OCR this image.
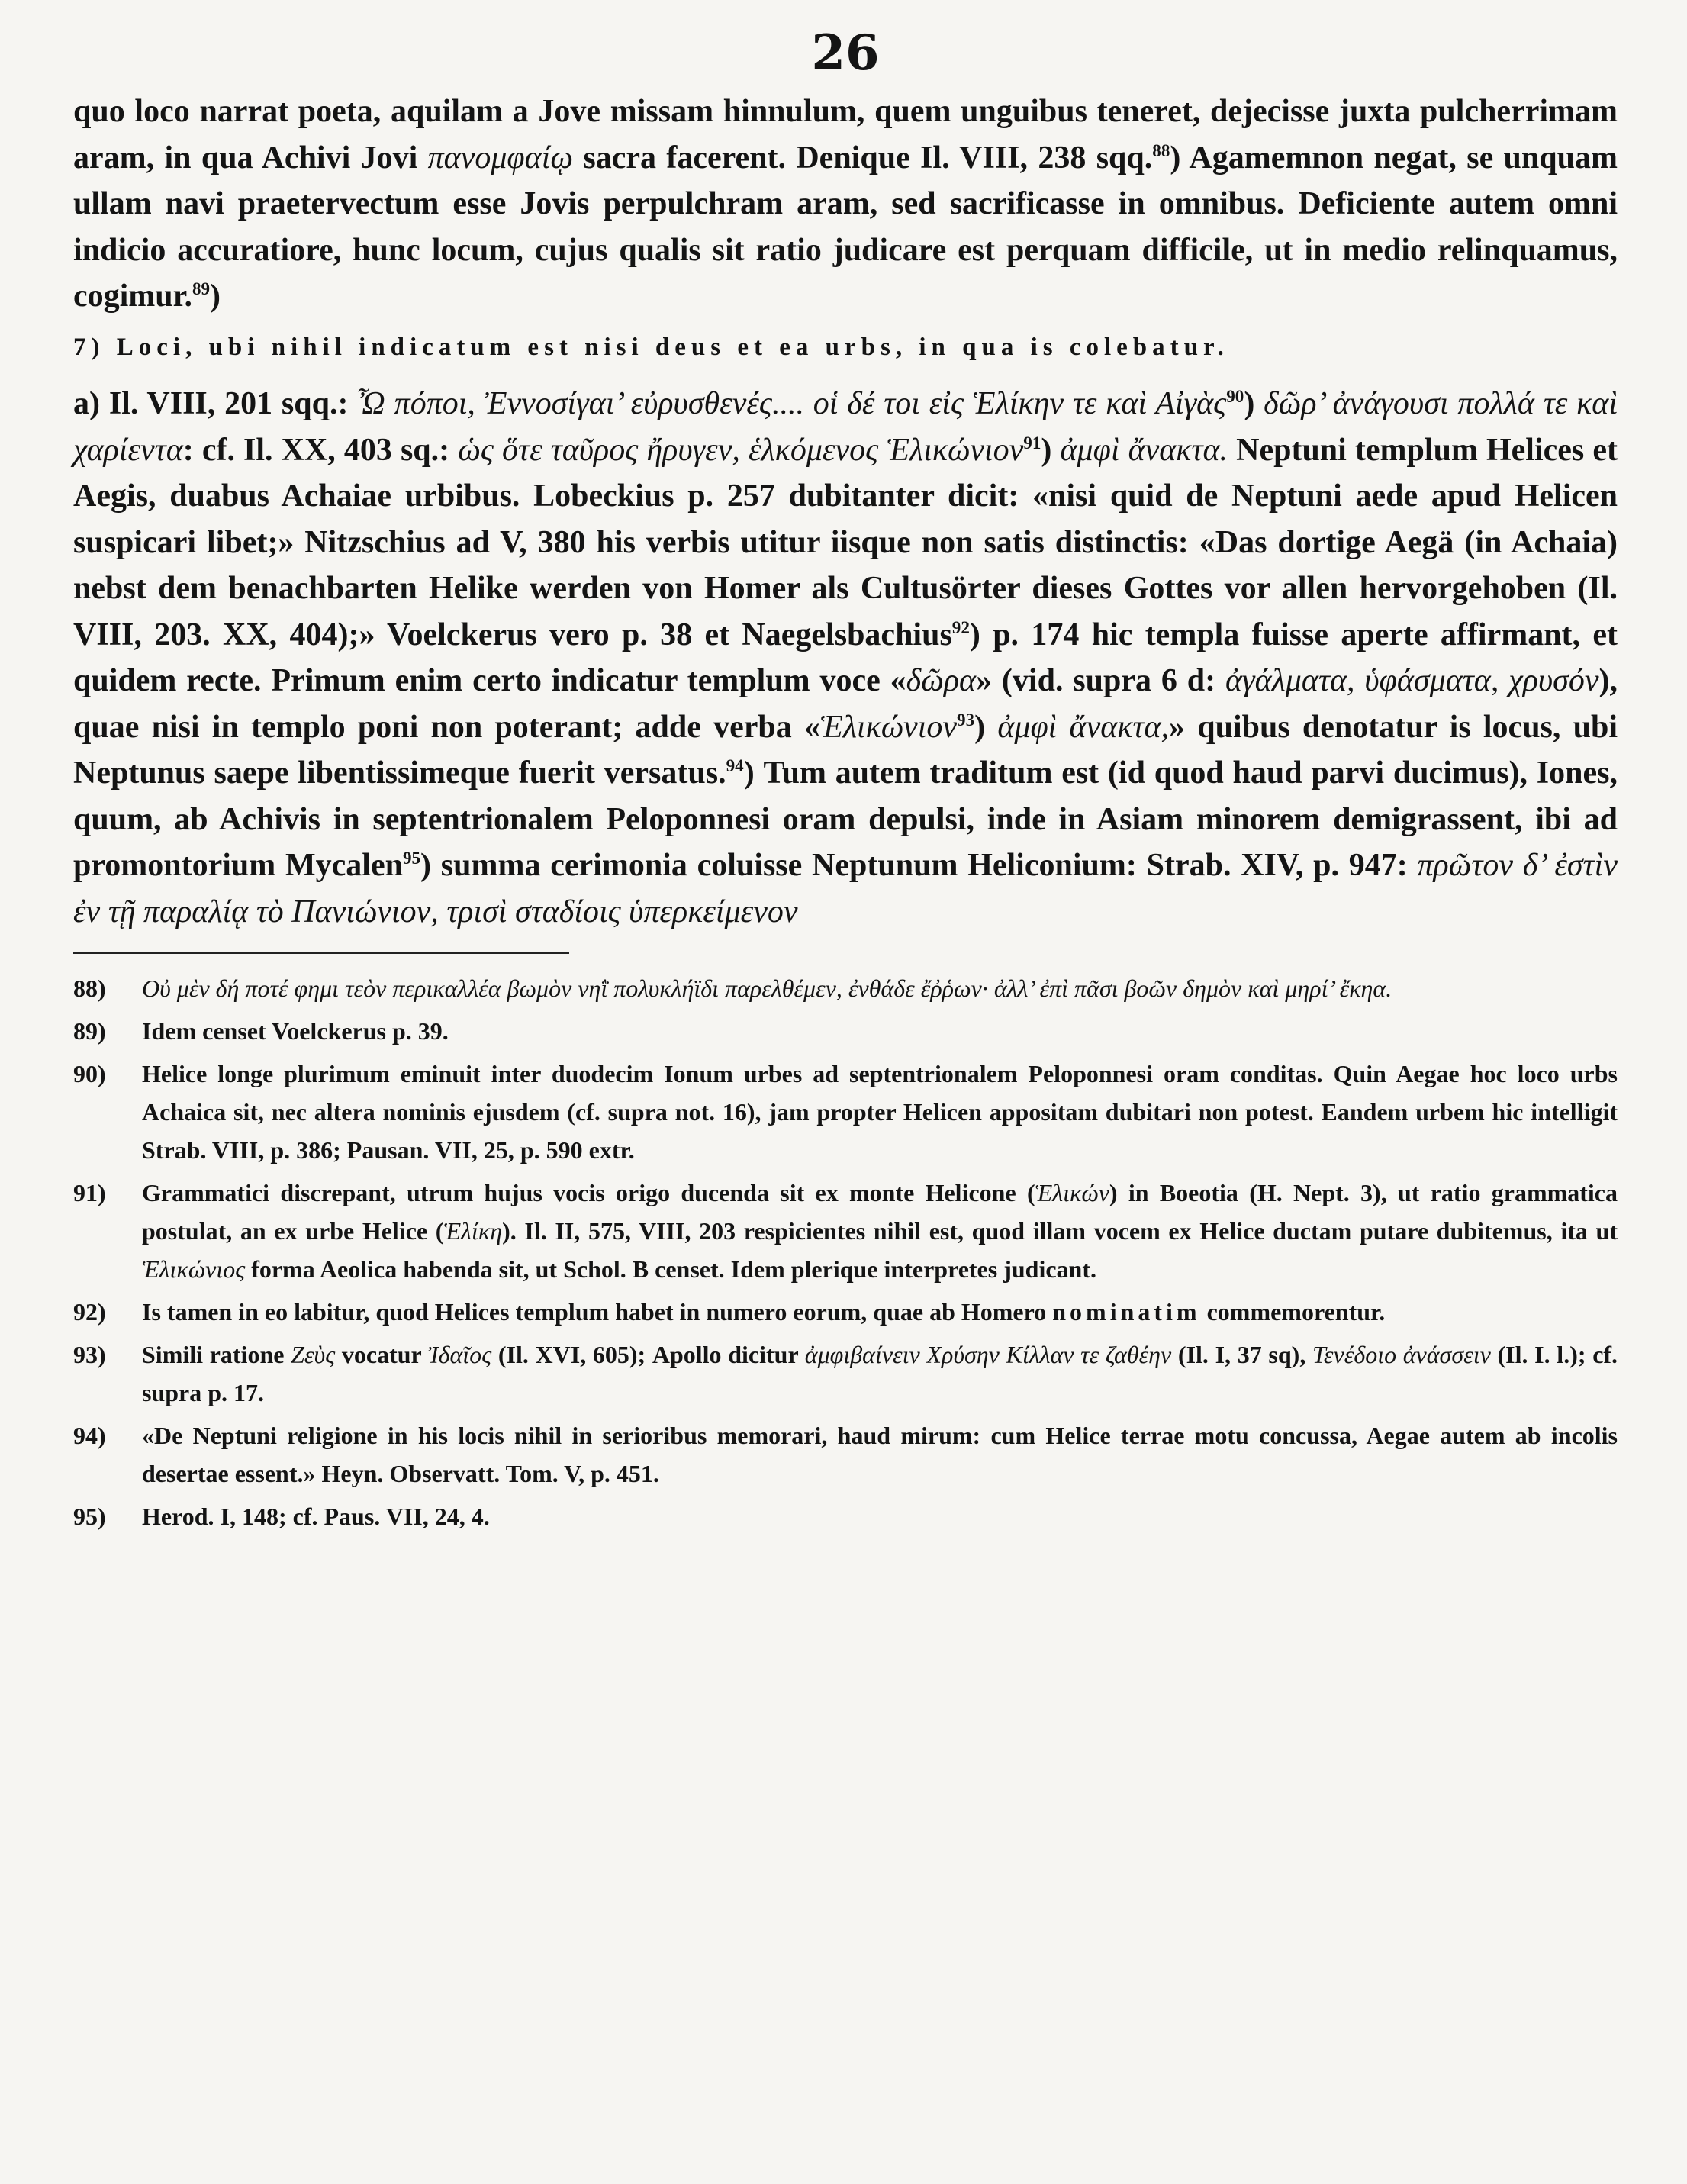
26

quo loco narrat poeta, aquilam a Jove missam hinnulum, quem unguibus teneret, dejecisse juxta pulcherrimam aram, in qua Achivi Jovi πανομφαίῳ sacra facerent. Denique Il. VIII, 238 sqq.$^{88}$) Agamemnon negat, se unquam ullam navi praetervectum esse Jovis perpulchram aram, sed sacrificasse in omnibus. Deficiente autem omni indicio accuratiore, hunc locum, cujus qualis sit ratio judicare est perquam difficile, ut in medio relinquamus, cogimur.$^{89}$)

7) Loci, ubi nihil indicatum est nisi deus et ea urbs, in qua is colebatur.

a) Il. VIII, 201 sqq.: Ὦ πόποι, Ἐννοσίγαι’ εὐρυσθενές.... οἱ δέ τοι εἰς Ἑλίκην τε καὶ Αἰγὰς$^{90}$) δῶρ’ ἀνάγουσι πολλά τε καὶ χαρίεντα: cf. Il. XX, 403 sq.: ὡς ὅτε ταῦρος ἤρυγεν, ἑλκόμενος Ἑλικώνιον$^{91}$) ἀμφὶ ἄνακτα. Neptuni templum Helices et Aegis, duabus Achaiae urbibus. Lobeckius p. 257 dubitanter dicit: «nisi quid de Neptuni aede apud Helicen suspicari libet;» Nitzschius ad V, 380 his verbis utitur iisque non satis distinctis: «Das dortige Aegä (in Achaia) nebst dem benachbarten Helike werden von Homer als Cultusörter dieses Gottes vor allen hervorgehoben (Il. VIII, 203. XX, 404);» Voelckerus vero p. 38 et Naegelsbachius$^{92}$) p. 174 hic templa fuisse aperte affirmant, et quidem recte. Primum enim certo indicatur templum voce «δῶρα» (vid. supra 6 d: ἀγάλματα, ὑφάσματα, χρυσόν), quae nisi in templo poni non poterant; adde verba «Ἑλικώνιον$^{93}$) ἀμφὶ ἄνακτα,» quibus denotatur is locus, ubi Neptunus saepe libentissimeque fuerit versatus.$^{94}$) Tum autem traditum est (id quod haud parvi ducimus), Iones, quum, ab Achivis in septentrionalem Peloponnesi oram depulsi, inde in Asiam minorem demigrassent, ibi ad promontorium Mycalen$^{95}$) summa cerimonia coluisse Neptunum Heliconium: Strab. XIV, p. 947: πρῶτον δ’ ἐστὶν ἐν τῇ παραλίᾳ τὸ Πανιώνιον, τρισὶ σταδίοις ὑπερκείμενον

88)	Οὐ μὲν δή ποτέ φημι τεὸν περικαλλέα βωμὸν νηῒ πολυκλήϊδι παρελθέμεν, ἐνθάδε ἔῤῥων· ἀλλ’ ἐπὶ πᾶσι βοῶν δημὸν καὶ μηρί’ ἔκηα.
89)	Idem censet Voelckerus p. 39.
90)	Helice longe plurimum eminuit inter duodecim Ionum urbes ad septentrionalem Peloponnesi oram conditas. Quin Aegae hoc loco urbs Achaica sit, nec altera nominis ejusdem (cf. supra not. 16), jam propter Helicen appositam dubitari non potest. Eandem urbem hic intelligit Strab. VIII, p. 386; Pausan. VII, 25, p. 590 extr.
91)	Grammatici discrepant, utrum hujus vocis origo ducenda sit ex monte Helicone (Ἑλικών) in Boeotia (H. Nept. 3), ut ratio grammatica postulat, an ex urbe Helice (Ἑλίκη). Il. II, 575, VIII, 203 respicientes nihil est, quod illam vocem ex Helice ductam putare dubitemus, ita ut Ἑλικώνιος forma Aeolica habenda sit, ut Schol. B censet. Idem plerique interpretes judicant.
92)	Is tamen in eo labitur, quod Helices templum habet in numero eorum, quae ab Homero nominatim commemorentur.
93)	Simili ratione Ζεὺς vocatur Ἰδαῖος (Il. XVI, 605); Apollo dicitur ἀμφιβαίνειν Χρύσην Κίλλαν τε ζαθέην (Il. I, 37 sq), Τενέδοιο ἀνάσσειν (Il. I. l.); cf. supra p. 17.
94)	«De Neptuni religione in his locis nihil in serioribus memorari, haud mirum: cum Helice terrae motu concussa, Aegae autem ab incolis desertae essent.» Heyn. Observatt. Tom. V, p. 451.
95)	Herod. I, 148; cf. Paus. VII, 24, 4.
